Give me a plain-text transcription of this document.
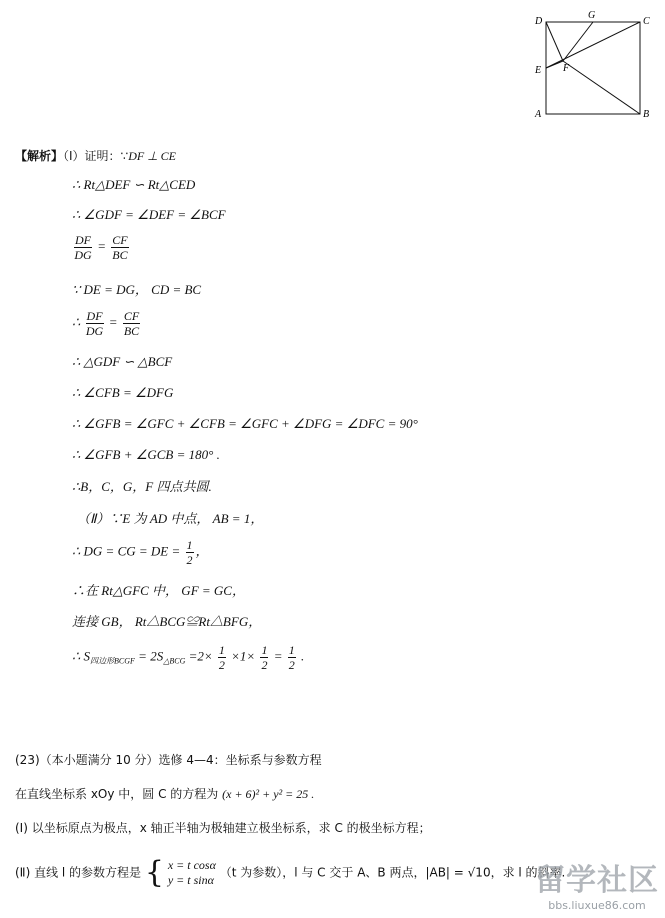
D
G
C
E F
A	B
【解析】（Ⅰ）证明：∵DF ⊥ CE
∴ Rt△DEF ∽ Rt△CED
∴ ∠GDF = ∠DEF = ∠BCF
$\frac{DF}{DG} = \frac{CF}{BC}$
∵ DE = DG， CD = BC
∴ $\frac{DF}{DG} = \frac{CF}{BC}$
∴ △GDF ∽ △BCF
∴ ∠CFB = ∠DFG
∴ ∠GFB = ∠GFC + ∠CFB = ∠GFC + ∠DFG = ∠DFC = 90°
∴ ∠GFB + ∠GCB = 180° .
∴B，C，G，F 四点共圆.
（Ⅱ）∵E 为 AD 中点， AB = 1，
∴ DG = CG = DE = $\frac{1}{2}$ ，
∴在 Rt△GFC 中， GF = GC，
连接 GB， Rt△BCG≌Rt△BFG，
∴ $S_{四边形BCGF} = 2S_{\triangle BCG} =2\times \frac{1}{2} \times 1\times \frac{1}{2} = \frac{1}{2}$ .
(23)（本小题满分 10 分）选修 4—4：坐标系与参数方程
在直线坐标系 xOy 中，圆 C 的方程为 (x + 6)² + y² = 25 .
(Ⅰ) 以坐标原点为极点，x 轴正半轴为极轴建立极坐标系，求 C 的极坐标方程；
(Ⅱ) 直线 l 的参数方程是 { x = t cosα
y = t sinα
（t 为参数），l 与 C 交于 A、B 两点，|AB| = √10，求 l 的斜率.
留学社区
bbs.liuxue86.com
